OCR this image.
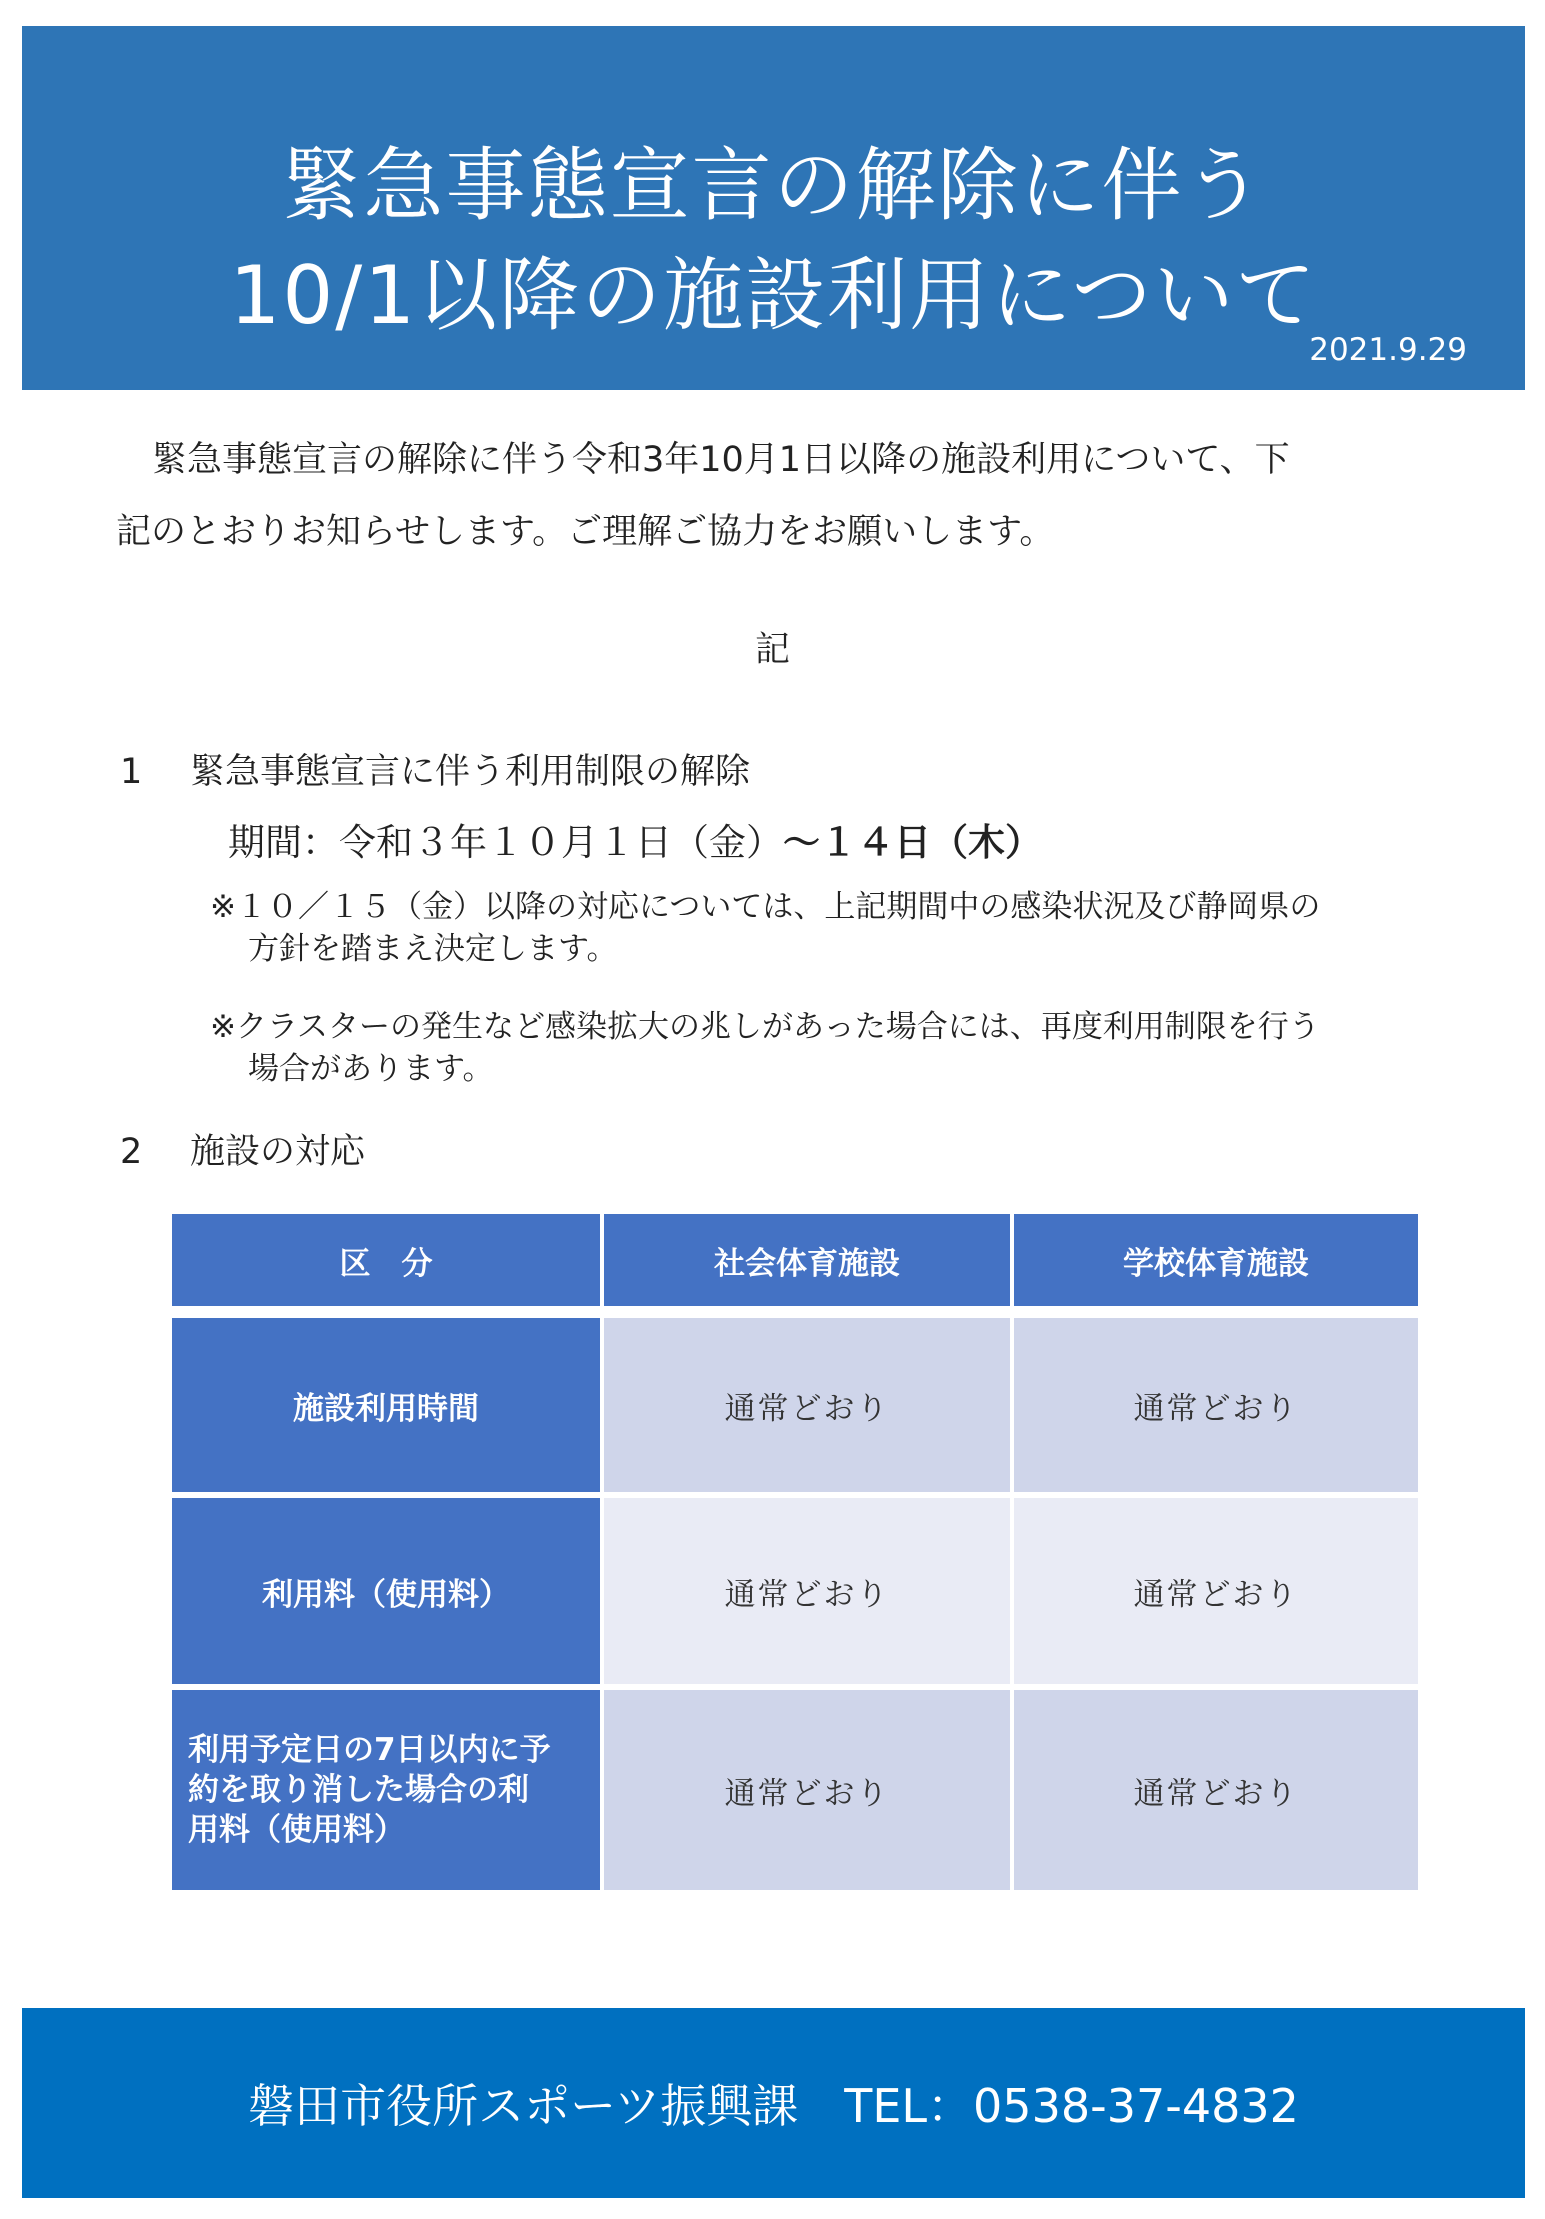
緊急事態宣言の解除に伴う
10/1以降の施設利用について
2021.9.29
緊急事態宣言の解除に伴う令和3年10月1日以降の施設利用について、下
記のとおりお知らせします。ご理解ご協力をお願いします。
記
1 緊急事態宣言に伴う利用制限の解除
期間：令和３年１０月１日（金）〜１４日（木）
※１０／１５（金）以降の対応については、上記期間中の感染状況及び静岡県の
方針を踏まえ決定します。
※クラスターの発生など感染拡大の兆しがあった場合には、再度利用制限を行う
場合があります。
2 施設の対応
区　分	社会体育施設	学校体育施設
施設利用時間	通常どおり	通常どおり
利用料（使用料）	通常どおり	通常どおり
利用予定日の7日以内に予
約を取り消した場合の利
用料（使用料）
通常どおり	通常どおり
磐田市役所スポーツ振興課 TEL：0538-37-4832
